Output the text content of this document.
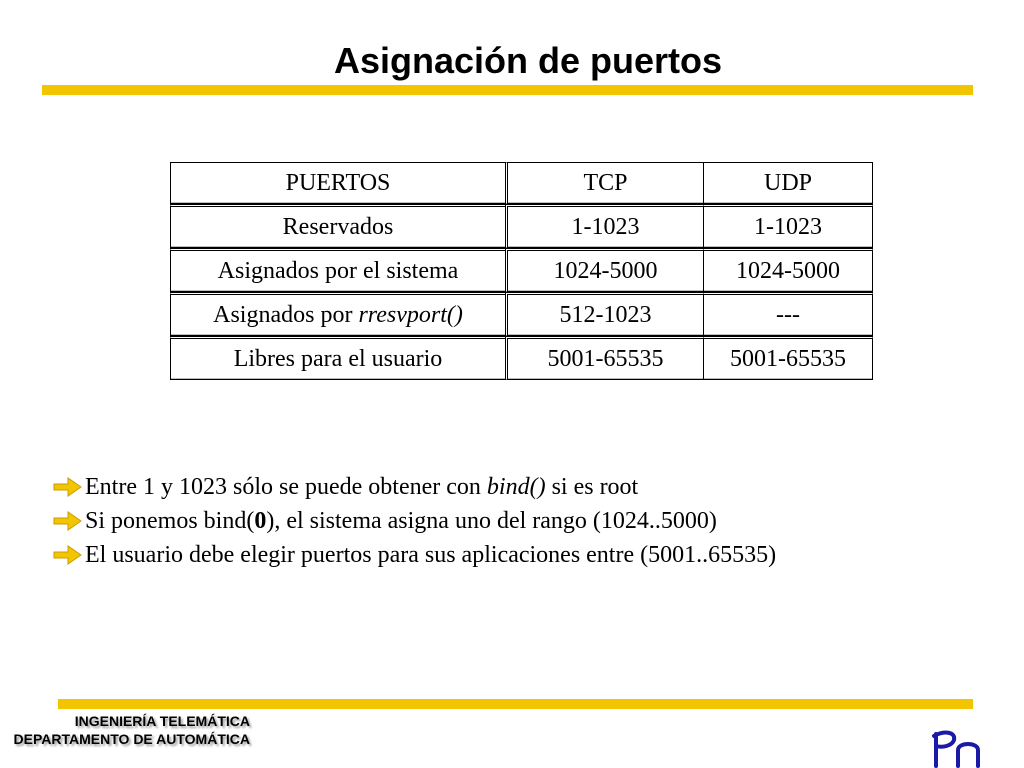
Asignación de puertos
PUERTOS	TCP	UDP
Reservados	1-1023	1-1023
Asignados por el sistema	1024-5000	1024-5000
Asignados por rresvport()	512-1023	---
Libres para el usuario	5001-65535	5001-65535
Entre 1 y 1023 sólo se puede obtener con bind() si es root
Si ponemos bind(0), el sistema asigna uno del rango (1024..5000)
El usuario debe elegir puertos para sus aplicaciones entre (5001..65535)
INGENIERÍA TELEMÁTICA
DEPARTAMENTO DE AUTOMÁTICA
